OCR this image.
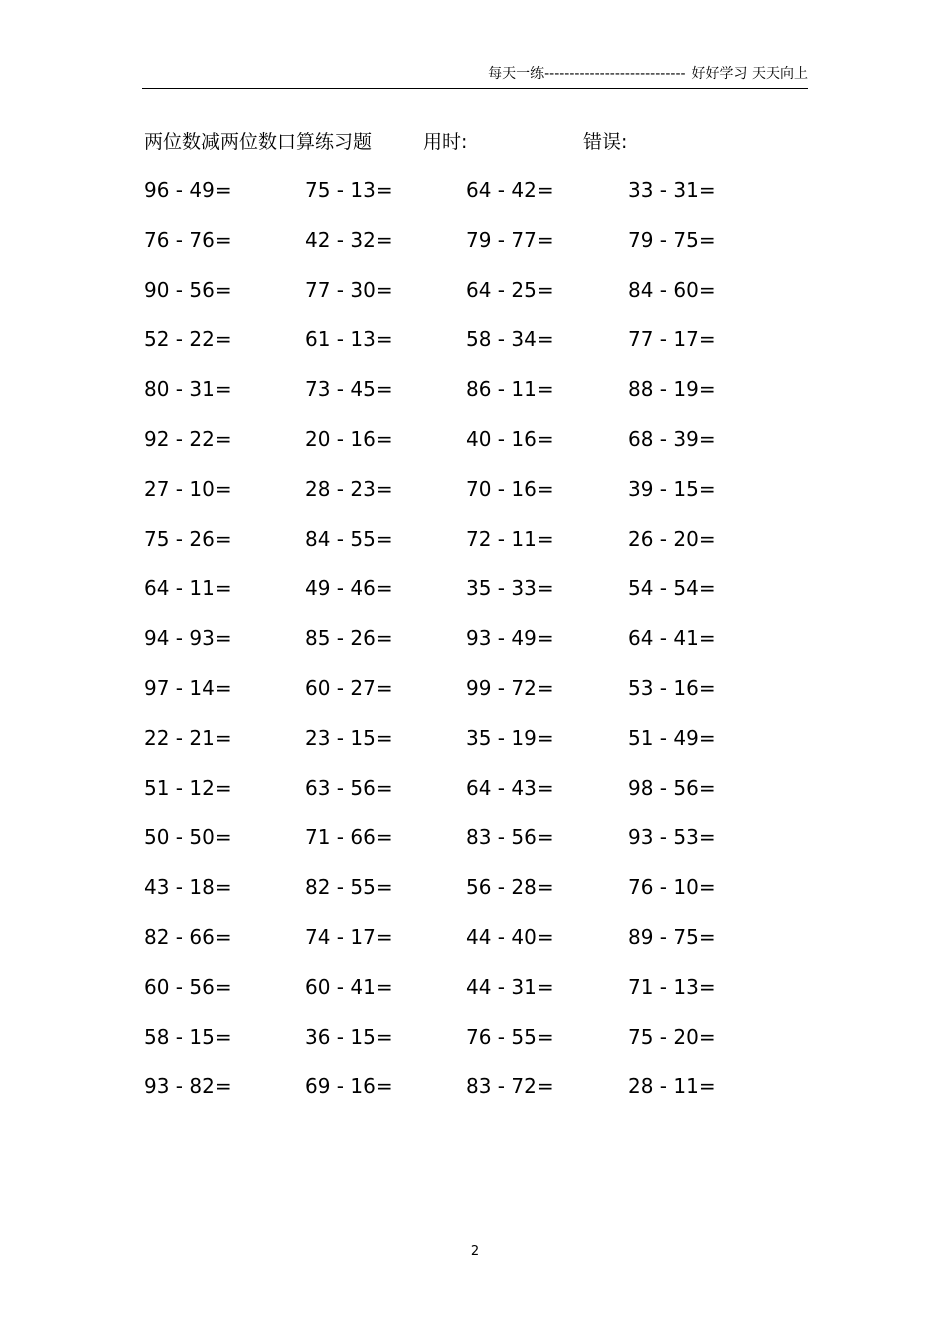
每天一练 ---------------------------- 好好学习 天天向上
两位数减两位数口算练习题	用时:	错误:
96 - 49=	75 - 13=	64 - 42=	33 - 31=
76 - 76=	42 - 32=	79 - 77=	79 - 75=
90 - 56=	77 - 30=	64 - 25=	84 - 60=
52 - 22=	61 - 13=	58 - 34=	77 - 17=
80 - 31=	73 - 45=	86 - 11=	88 - 19=
92 - 22=	20 - 16=	40 - 16=	68 - 39=
27 - 10=	28 - 23=	70 - 16=	39 - 15=
75 - 26=	84 - 55=	72 - 11=	26 - 20=
64 - 11=	49 - 46=	35 - 33=	54 - 54=
94 - 93=	85 - 26=	93 - 49=	64 - 41=
97 - 14=	60 - 27=	99 - 72=	53 - 16=
22 - 21=	23 - 15=	35 - 19=	51 - 49=
51 - 12=	63 - 56=	64 - 43=	98 - 56=
50 - 50=	71 - 66=	83 - 56=	93 - 53=
43 - 18=	82 - 55=	56 - 28=	76 - 10=
82 - 66=	74 - 17=	44 - 40=	89 - 75=
60 - 56=	60 - 41=	44 - 31=	71 - 13=
58 - 15=	36 - 15=	76 - 55=	75 - 20=
93 - 82=	69 - 16=	83 - 72=	28 - 11=
2
